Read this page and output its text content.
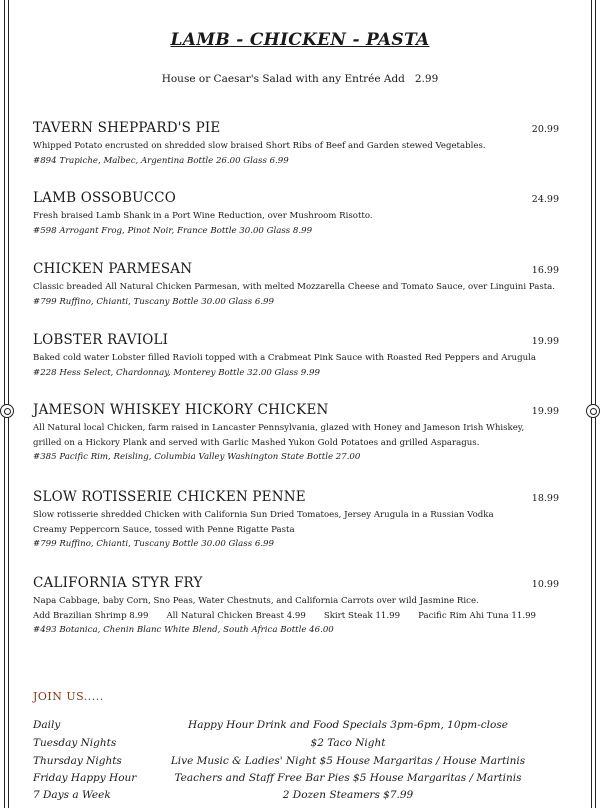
LAMB - CHICKEN - PASTA
House or Caesar's Salad with any Entrée Add 2.99
TAVERN SHEPPARD'S PIE	20.99
Whipped Potato encrusted on shredded slow braised Short Ribs of Beef and Garden stewed Vegetables.
#894 Trapiche, Malbec, Argentina Bottle 26.00 Glass 6.99
LAMB OSSOBUCCO	24.99
Fresh braised Lamb Shank in a Port Wine Reduction, over Mushroom Risotto.
#598 Arrogant Frog, Pinot Noir, France Bottle 30.00 Glass 8.99
CHICKEN PARMESAN	16.99
Classic breaded All Natural Chicken Parmesan, with melted Mozzarella Cheese and Tomato Sauce, over Linguini Pasta.
#799 Ruffino, Chianti, Tuscany Bottle 30.00 Glass 6.99
LOBSTER RAVIOLI	19.99
Baked cold water Lobster filled Ravioli topped with a Crabmeat Pink Sauce with Roasted Red Peppers and Arugula
#228 Hess Select, Chardonnay, Monterey Bottle 32.00 Glass 9.99
JAMESON WHISKEY HICKORY CHICKEN	19.99
All Natural local Chicken, farm raised in Lancaster Pennsylvania, glazed with Honey and Jameson Irish Whiskey,
grilled on a Hickory Plank and served with Garlic Mashed Yukon Gold Potatoes and grilled Asparagus.
#385 Pacific Rim, Reisling, Columbia Valley Washington State Bottle 27.00
SLOW ROTISSERIE CHICKEN PENNE	18.99
Slow rotisserie shredded Chicken with California Sun Dried Tomatoes, Jersey Arugula in a Russian Vodka
Creamy Peppercorn Sauce, tossed with Penne Rigatte Pasta
#799 Ruffino, Chianti, Tuscany Bottle 30.00 Glass 6.99
CALIFORNIA STYR FRY	10.99
Napa Cabbage, baby Corn, Sno Peas, Water Chestnuts, and California Carrots over wild Jasmine Rice.
Add Brazilian Shrimp 8.99 All Natural Chicken Breast 4.99 Skirt Steak 11.99 Pacific Rim Ahi Tuna 11.99
#493 Botanica, Chenin Blanc White Blend, South Africa Bottle 46.00
JOIN US.....
Daily	Happy Hour Drink and Food Specials 3pm-6pm, 10pm-close
Tuesday Nights	$2 Taco Night
Thursday Nights	Live Music & Ladies' Night $5 House Margaritas / House Martinis
Friday Happy Hour	Teachers and Staff Free Bar Pies $5 House Margaritas / Martinis
7 Days a Week	2 Dozen Steamers $7.99
